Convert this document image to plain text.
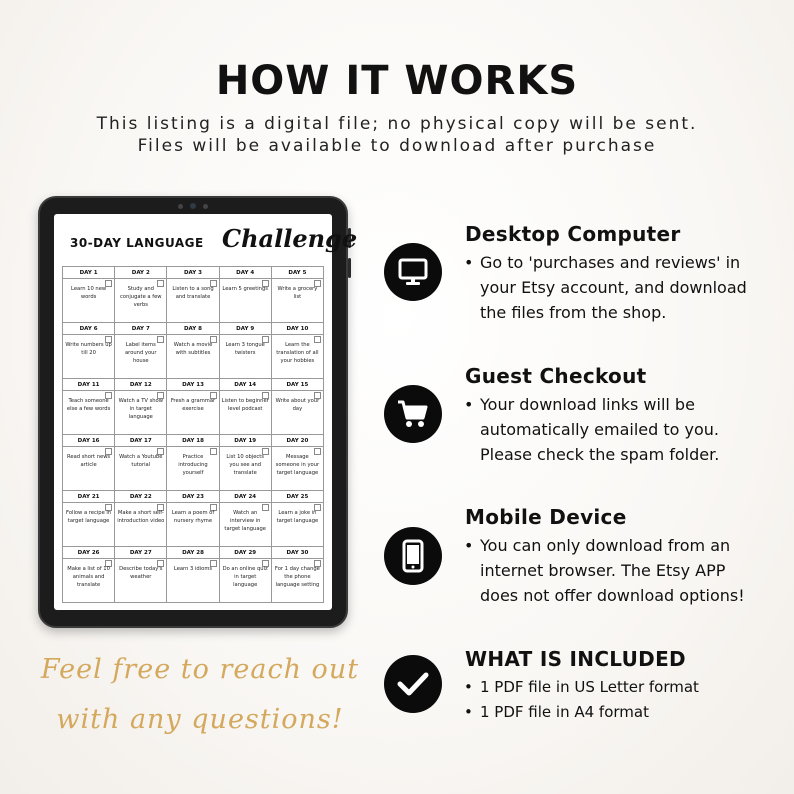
HOW IT WORKS
This listing is a digital file; no physical copy will be sent.
Files will be available to download after purchase
30-DAY LANGUAGE Challenge
DAY 1
Learn 10 new words
DAY 2
Study and conjugate a few verbs
DAY 3
Listen to a song and translate
DAY 4
Learn 5 greetings
DAY 5
Write a grocery list
DAY 6
Write numbers up till 20
DAY 7
Label items around your house
DAY 8
Watch a movie with subtitles
DAY 9
Learn 3 tongue twisters
DAY 10
Learn the translation of all your hobbies
DAY 11
Teach someone else a few words
DAY 12
Watch a TV show in target language
DAY 13
Fresh a grammar exercise
DAY 14
Listen to beginner level podcast
DAY 15
Write about your day
DAY 16
Read short news article
DAY 17
Watch a Youtube tutorial
DAY 18
Practice introducing yourself
DAY 19
List 10 objects you see and translate
DAY 20
Message someone in your target language
DAY 21
Follow a recipe in target language
DAY 22
Make a short self-introduction video
DAY 23
Learn a poem of nursery rhyme
DAY 24
Watch an interview in target language
DAY 25
Learn a joke in target language
DAY 26
Make a list of 10 animals and translate
DAY 27
Describe today's weather
DAY 28
Learn 3 idioms
DAY 29
Do an online quiz in target language
DAY 30
For 1 day change the phone language setting
Feel free to reach out
with any questions!
Desktop Computer
• Go to 'purchases and reviews' in
your Etsy account, and download
the files from the shop.
Guest Checkout
• Your download links will be
automatically emailed to you.
Please check the spam folder.
Mobile Device
• You can only download from an
internet browser. The Etsy APP
does not offer download options!
WHAT IS INCLUDED
• 1 PDF file in US Letter format
• 1 PDF file in A4 format
